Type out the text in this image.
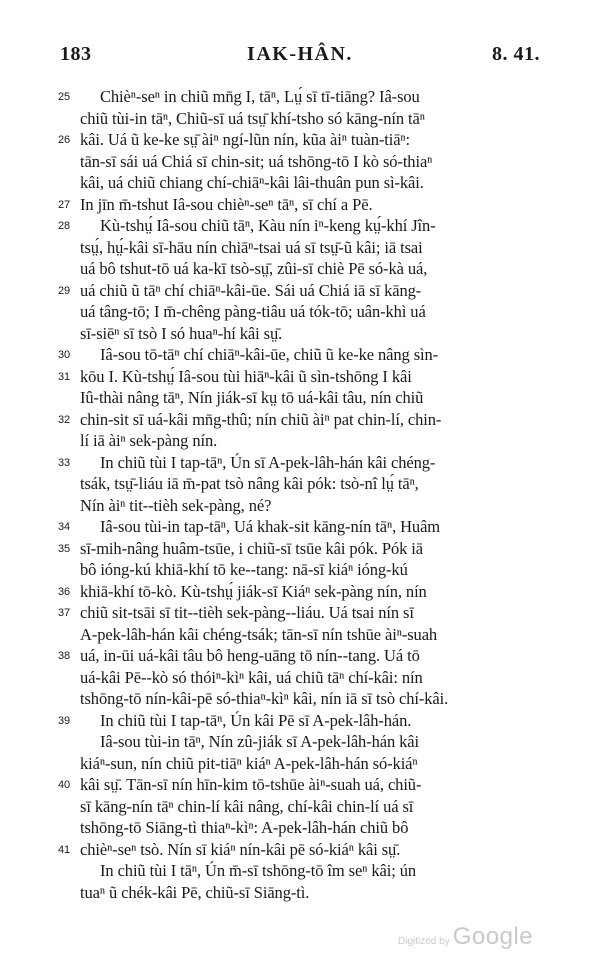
IAK-HÂN.
183	8. 41.
25 Chièⁿ-seⁿ in chiũ mn̄g I, tāⁿ, Lṳ́ sī tī-tiāng? Iâ-sou
chiũ tùi-in tāⁿ, Chiũ-sī uá tsṳ̄ khí-tsho só kāng-nín tāⁿ
26 kâi. Uá ũ ke-ke sṳ̄ àiⁿ ngí-lũn nín, kũa àiⁿ tuàn-tiāⁿ:
tān-sī sái uá Chiá sī chin-sit; uá tshōng-tō I kò só-thiaⁿ
kâi, uá chiũ chiang chí-chiāⁿ-kâi lâi-thuân pun sì-kâi.
27 In jīn m̄-tshut Iâ-sou chièⁿ-seⁿ tāⁿ, sī chí a Pē.
28 Kù-tshṳ́ Iâ-sou chiũ tāⁿ, Kàu nín iⁿ-keng kṳ́-khí Jîn-
tsṳ́, hṳ́-kâi sī-hāu nín chiāⁿ-tsai uá sī tsṳ̄-ũ kâi; iā tsai
uá bô tshut-tō uá ka-kī tsò-sṳ̄, zûi-sī chiè Pē só-kà uá,
29 uá chiũ ũ tāⁿ chí chiāⁿ-kâi-ūe. Sái uá Chiá iā sī kāng-
uá tâng-tō; I m̄-chêng pàng-tiâu uá tók-tō; uân-khì uá
sī-siēⁿ sī tsò I só huaⁿ-hí kâi sṳ̄.
30 Iâ-sou tō-tāⁿ chí chiāⁿ-kâi-ūe, chiũ ũ ke-ke nâng sìn-
31 kōu I. Kù-tshṳ́ Iâ-sou tùi hiāⁿ-kâi ũ sìn-tshōng I kâi
Iû-thài nâng tāⁿ, Nín jiák-sī kṳ tō uá-kâi tâu, nín chiũ
32 chin-sit sī uá-kâi mn̄g-thû; nín chiũ àiⁿ pat chin-lí, chin-
lí iā àiⁿ sek-pàng nín.
33 In chiũ tùi I tap-tāⁿ, Ún sī A-pek-lâh-hán kâi chéng-
tsák, tsṳ̄-liáu iā m̄-pat tsò nâng kâi pók: tsò-nî lṳ́ tāⁿ,
Nín àiⁿ tit--tièh sek-pàng, né?
34 Iâ-sou tùi-in tap-tāⁿ, Uá khak-sit kāng-nín tāⁿ, Huâm
35 sī-mih-nâng huâm-tsūe, i chiũ-sī tsūe kâi pók. Pók iā
bô ióng-kú khiā-khí tō ke--tang: nā-sī kiáⁿ ióng-kú
36 khiā-khí tō-kò. Kù-tshṳ́ jiák-sī Kiáⁿ sek-pàng nín, nín
37 chiũ sit-tsāi sī tit--tièh sek-pàng--liáu. Uá tsai nín sī
A-pek-lâh-hán kâi chéng-tsák; tān-sī nín tshūe àiⁿ-suah
38 uá, in-ūi uá-kâi tâu bô heng-uāng tō nín--tang. Uá tō
uá-kâi Pē--kò só thóiⁿ-kìⁿ kâi, uá chiũ tāⁿ chí-kâi: nín
tshōng-tō nín-kâi-pē só-thiaⁿ-kìⁿ kâi, nín iā sī tsò chí-kâi.
39 In chiũ tùi I tap-tāⁿ, Ún kâi Pē sī A-pek-lâh-hán.
Iâ-sou tùi-in tāⁿ, Nín zû-jiák sī A-pek-lâh-hán kâi
kiáⁿ-sun, nín chiũ pit-tiāⁿ kiáⁿ A-pek-lâh-hán só-kiáⁿ
40 kâi sṳ̄. Tān-sī nín hīn-kim tō-tshūe àiⁿ-suah uá, chiũ-
sī kāng-nín tāⁿ chin-lí kâi nâng, chí-kâi chin-lí uá sī
tshōng-tō Siāng-tì thiaⁿ-kìⁿ: A-pek-lâh-hán chiũ bô
41 chièⁿ-seⁿ tsò. Nín sī kiáⁿ nín-kâi pē só-kiáⁿ kâi sṳ̄.
In chiũ tùi I tāⁿ, Ún m̄-sī tshōng-tō îm seⁿ kâi; ún
tuaⁿ ũ chék-kâi Pē, chiũ-sī Siāng-tì.
Digitized by Google
